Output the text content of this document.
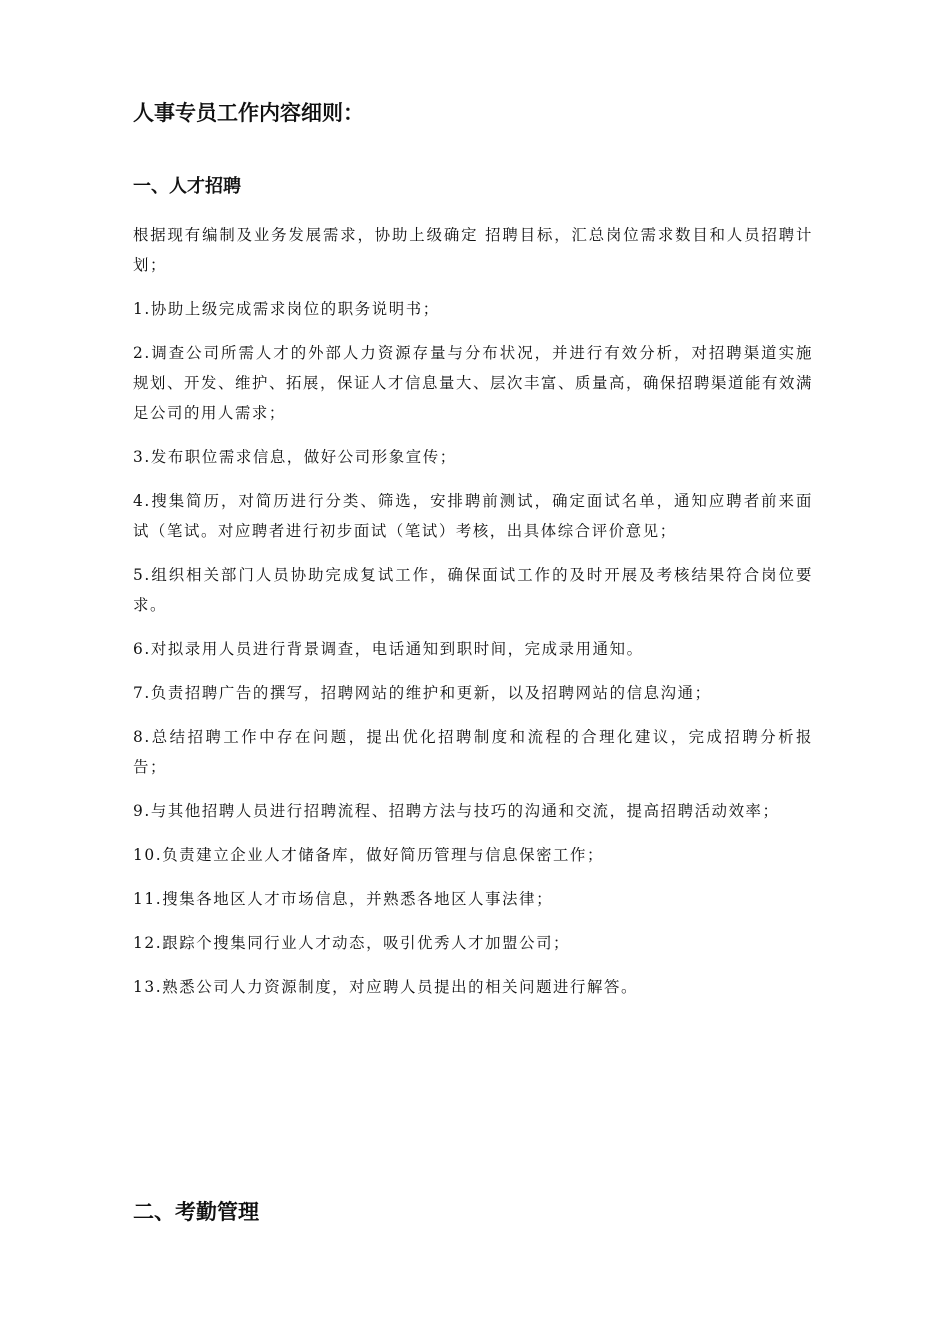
人事专员工作内容细则：
一、人才招聘

根据现有编制及业务发展需求，协助上级确定 招聘目标，汇总岗位需求数目和人员招聘计划；

1.协助上级完成需求岗位的职务说明书；

2.调查公司所需人才的外部人力资源存量与分布状况，并进行有效分析，对招聘渠道实施规划、开发、维护、拓展，保证人才信息量大、层次丰富、质量高，确保招聘渠道能有效满足公司的用人需求；

3.发布职位需求信息，做好公司形象宣传；

4.搜集简历，对简历进行分类、筛选，安排聘前测试，确定面试名单，通知应聘者前来面试（笔试。对应聘者进行初步面试（笔试）考核，出具体综合评价意见；

5.组织相关部门人员协助完成复试工作，确保面试工作的及时开展及考核结果符合岗位要求。

6.对拟录用人员进行背景调查，电话通知到职时间，完成录用通知。

7.负责招聘广告的撰写，招聘网站的维护和更新，以及招聘网站的信息沟通；

8.总结招聘工作中存在问题，提出优化招聘制度和流程的合理化建议，完成招聘分析报告；

9.与其他招聘人员进行招聘流程、招聘方法与技巧的沟通和交流，提高招聘活动效率；

10.负责建立企业人才储备库，做好简历管理与信息保密工作；

11.搜集各地区人才市场信息，并熟悉各地区人事法律；

12.跟踪个搜集同行业人才动态，吸引优秀人才加盟公司；

13.熟悉公司人力资源制度，对应聘人员提出的相关问题进行解答。

二、考勤管理
